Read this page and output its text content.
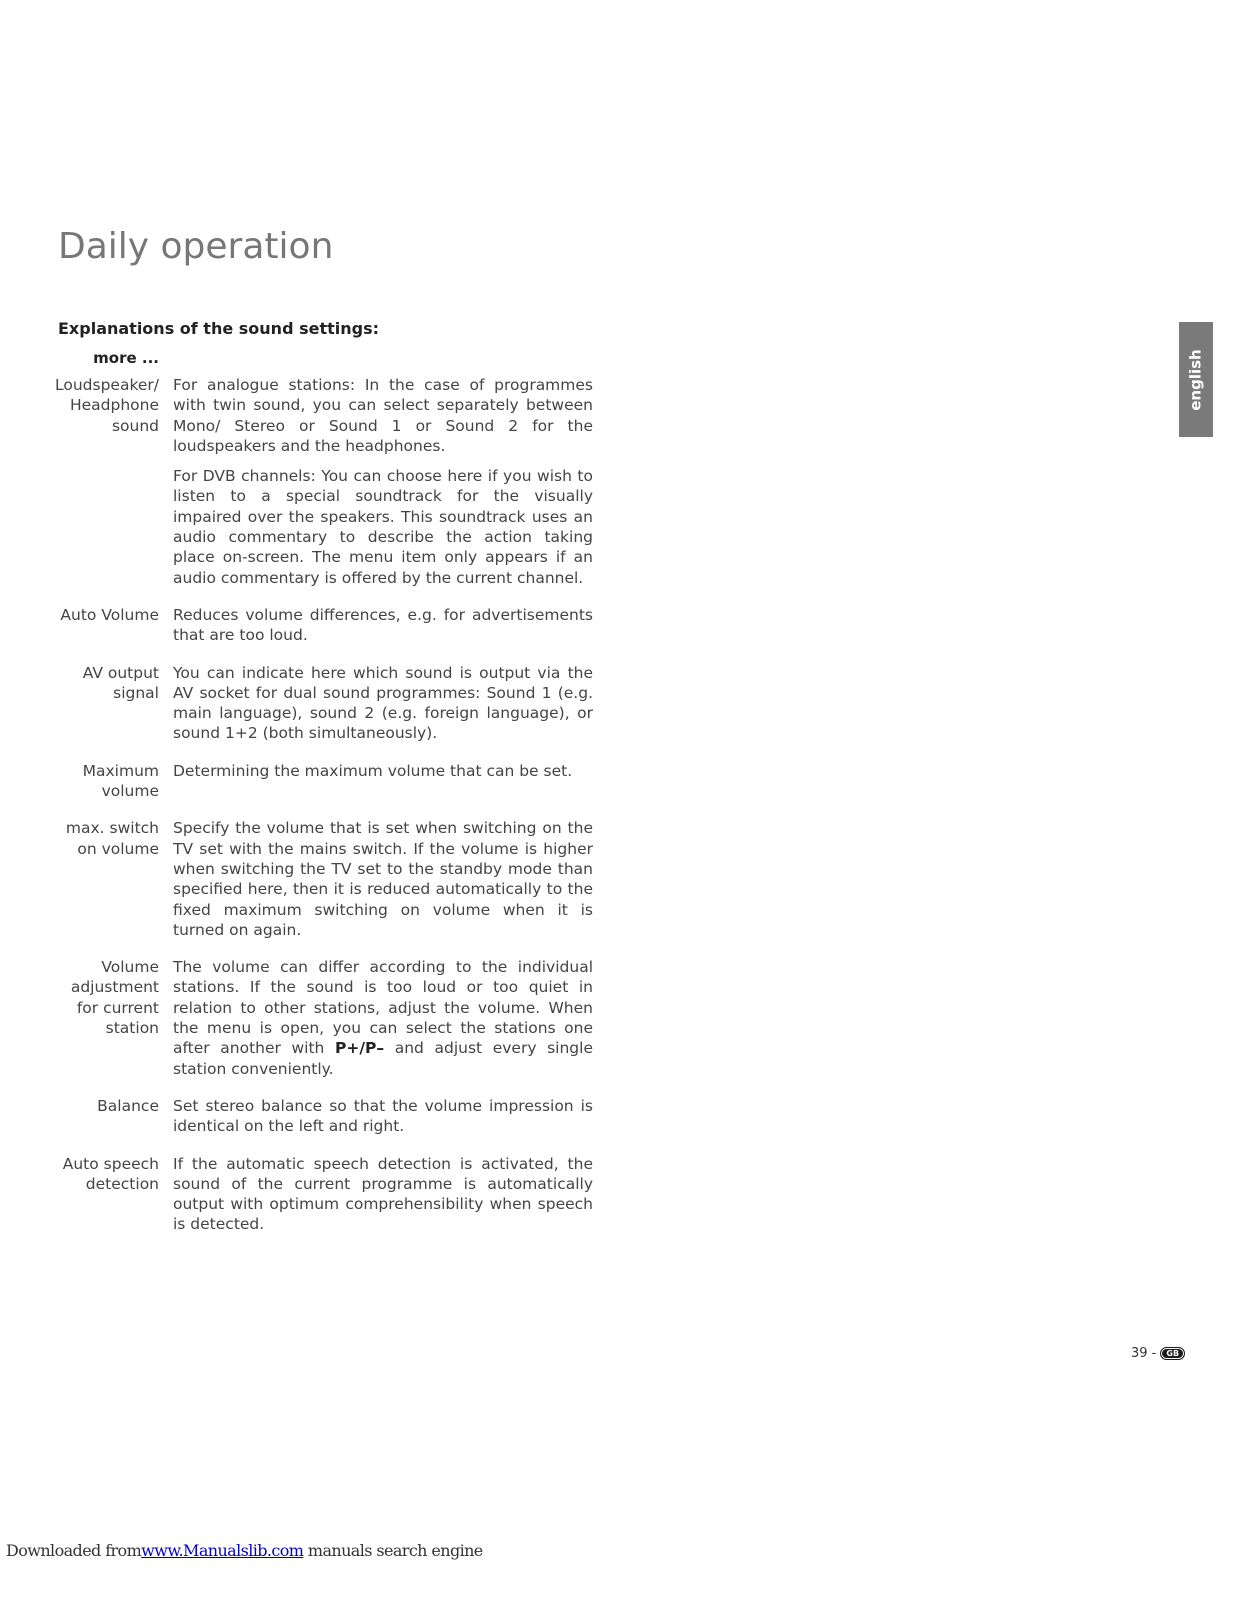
Daily operation
Explanations of the sound settings:
more ...
Loudspeaker/ Headphone sound

For analogue stations: In the case of programmes with twin sound, you can select separately between Mono/ Stereo or Sound 1 or Sound 2 for the loudspeakers and the headphones.

For DVB channels: You can choose here if you wish to listen to a special soundtrack for the visually impaired over the speakers. This soundtrack uses an audio commentary to describe the action taking place on-screen. The menu item only appears if an audio commentary is offered by the current channel.

Auto Volume Reduces volume differences, e.g. for advertisements that are too loud.

AV output signal

You can indicate here which sound is output via the AV socket for dual sound programmes: Sound 1 (e.g. main language), sound 2 (e.g. foreign language), or sound 1+2 (both simultaneously).

Maximum volume

Determining the maximum volume that can be set.

max. switch on volume

Specify the volume that is set when switching on the TV set with the mains switch. If the volume is higher when switching the TV set to the standby mode than specified here, then it is reduced automatically to the fixed maximum switching on volume when it is turned on again.

Volume adjustment for current station

The volume can differ according to the individual stations. If the sound is too loud or too quiet in relation to other stations, adjust the volume. When the menu is open, you can select the stations one after another with P+/P– and adjust every single station conveniently.

Balance Set stereo balance so that the volume impression is identical on the left and right.

Auto speech detection

If the automatic speech detection is activated, the sound of the current programme is automatically output with optimum comprehensibility when speech is detected.

english
39 -	GB
Downloaded fromwww.Manualslib.com manuals search engine
